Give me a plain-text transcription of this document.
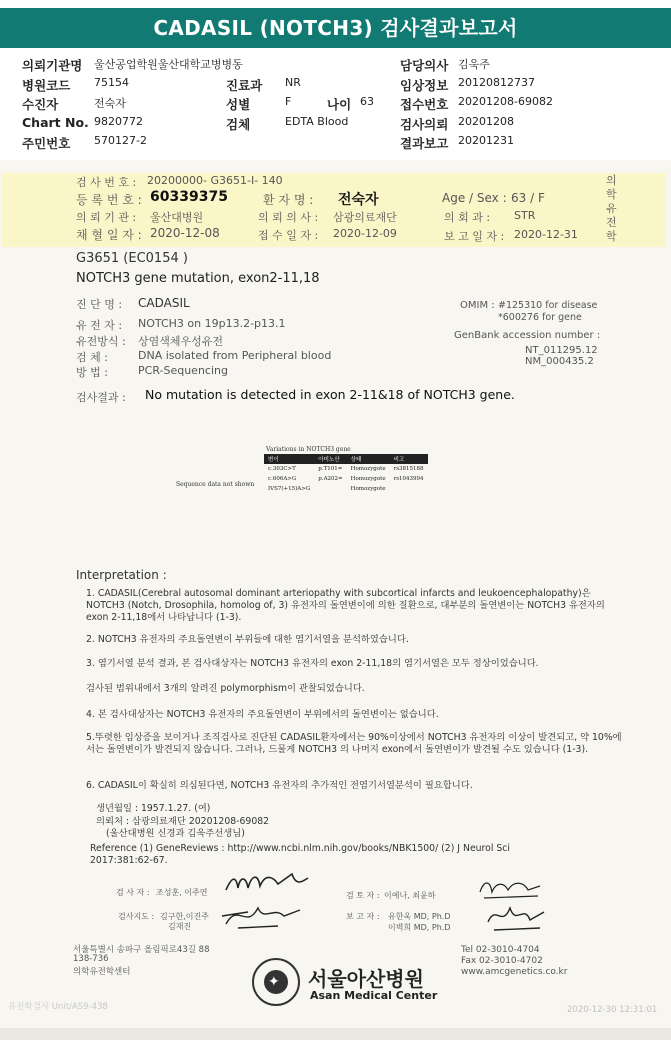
CADASIL (NOTCH3) 검사결과보고서
의뢰기관명 울산공업학원울산대학교병병동	담당의사 김욱주
병원코드 75154	진료과 NR	임상정보 20120812737
수진자	전숙자	성별	F	나이 63 접수번호 20201208-69082
Chart No. 9820772	검체	EDTA Blood	검사의뢰 20201208
주민번호 570127-2	결과보고 20201231
검 사 번 호 : 20200000- G3651-I- 140
등 록 번 호 : 60339375	환 자 명 : 전숙자	Age / Sex : 63 / F
의 뢰 기 관 : 울산대병원	의 뢰 의 사 : 삼광의료재단	의 회 과 : STR
채 혈 일 자 : 2020-12-08	접 수 일 자 : 2020-12-09	보 고 일 자 : 2020-12-31
의학유전학
G3651 (EC0154 )
NOTCH3 gene mutation, exon2-11,18
진 단 명 : CADASIL
유 전 자 : NOTCH3 on 19p13.2-p13.1
유전방식 : 상염색체우성유전
검 체 :	DNA isolated from Peripheral blood
방 법 :	PCR-Sequencing
OMIM : #125310 for disease
*600276 for gene
GenBank accession number :
NT_011295.12
NM_000435.2
검사결과 : No mutation is detected in exon 2-11&18 of NOTCH3 gene.
Variations in NOTCH3 gene
Sequence data not shown
변이	아미노산	상태	비고
c.303C>T	p.T101=	Homozygote	rs3815188
c.606A>G	p.A202=	Homozygote	rs1043994
IVS7(+15)A>G		Homozygote	
Interpretation :

1. CADASIL(Cerebral autosomal dominant arteriopathy with subcortical infarcts and leukoencephalopathy)은 NOTCH3 (Notch, Drosophila, homolog of, 3) 유전자의 돌연변이에 의한 질환으로, 대부분의 돌연변이는 NOTCH3 유전자의 exon 2-11,18에서 나타납니다 (1-3).

2. NOTCH3 유전자의 주요돌연변이 부위들에 대한 염기서열을 분석하였습니다.

3. 염기서열 분석 결과, 본 검사대상자는 NOTCH3 유전자의 exon 2-11,18의 염기서열은 모두 정상이었습니다.

검사된 범위내에서 3개의 알려진 polymorphism이 관찰되었습니다.

4. 본 검사대상자는 NOTCH3 유전자의 주요돌연변이 부위에서의 돌연변이는 없습니다.

5.뚜렷한 임상증을 보이거나 조직검사로 진단된 CADASIL환자에서는 90%이상에서 NOTCH3 유전자의 이상이 발견되고, 약 10%에서는 돌연변이가 발견되지 않습니다. 그러나, 드물게 NOTCH3 의 나머지 exon에서 돌연변이가 발견될 수도 있습니다 (1-3).

6. CADASIL이 확실히 의심된다면, NOTCH3 유전자의 추가적인 전염기서열분석이 필요합니다.

생년월일 : 1957.1.27. (여)

의뢰처 : 삼광의료재단 20201208-69082

(울산대병원 신경과 김욱주선생님)

Reference (1) GeneReviews : http://www.ncbi.nlm.nih.gov/books/NBK1500/ (2) J Neurol Sci 2017:381:62-67.

검 사 자 : 조성훈, 이주연
검사지도 : 김구한,이진주
김재진
검 토 자 : 이예나, 최윤하
보 고 자 : 유한욱 MD, Ph.D
이벽희 MD, Ph.D
서울특별시 송파구 올림픽로43길 88
138-736
의학유전학센터
✦ 서울아산병원
Asan Medical Center
Tel 02-3010-4704
Fax 02-3010-4702
www.amcgenetics.co.kr
유전학검사 Unit/AS9-438	2020-12-30 12:31:01
